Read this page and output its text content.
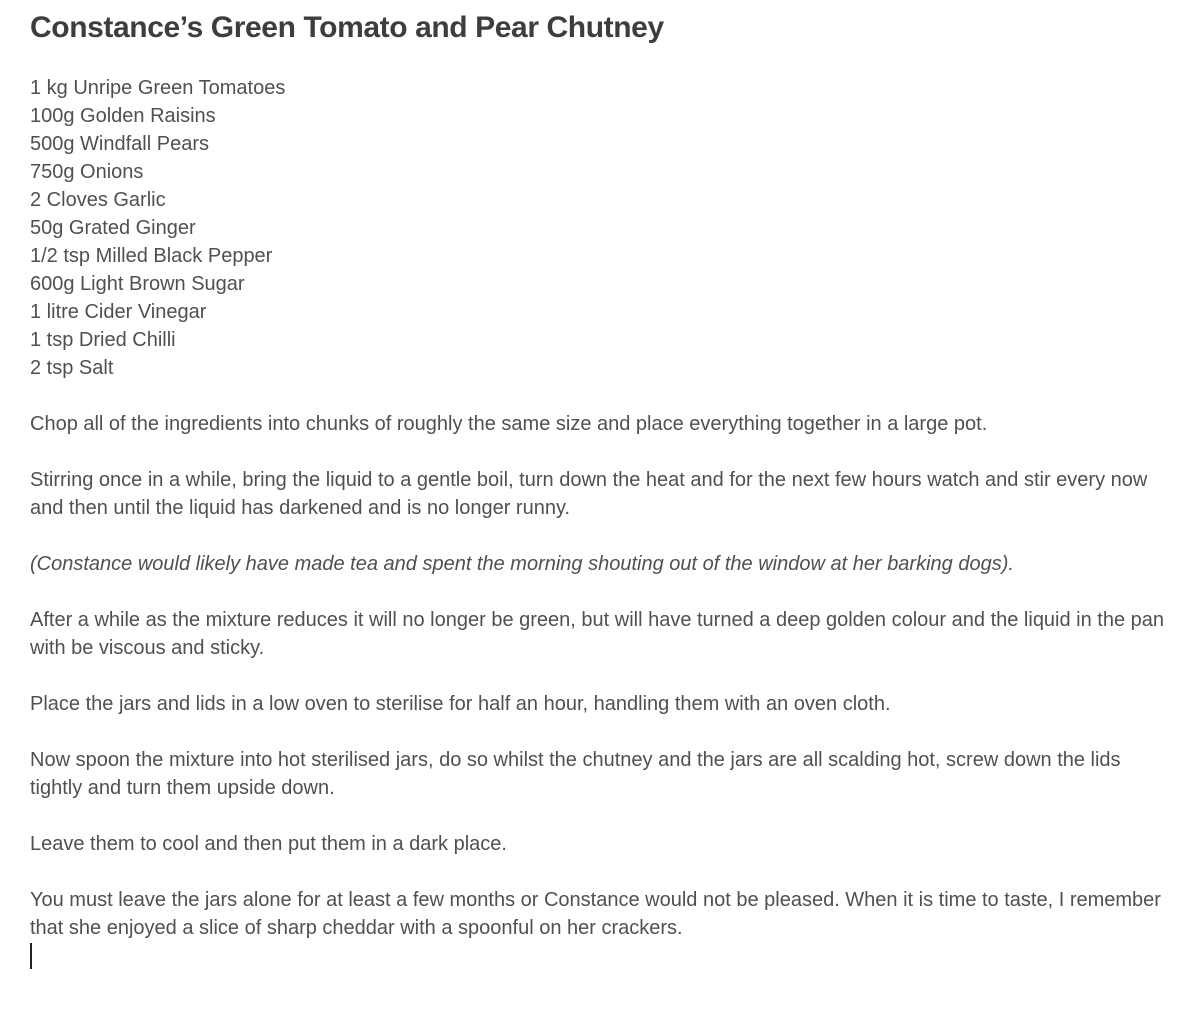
Constance’s Green Tomato and Pear Chutney
1 kg Unripe Green Tomatoes
100g Golden Raisins
500g Windfall Pears
750g Onions
2 Cloves Garlic
50g Grated Ginger
1/2 tsp Milled Black Pepper
600g Light Brown Sugar
1 litre Cider Vinegar
1 tsp Dried Chilli
2 tsp Salt

Chop all of the ingredients into chunks of roughly the same size and place everything together in a large pot.

Stirring once in a while, bring the liquid to a gentle boil, turn down the heat and for the next few hours watch and stir every now and then until the liquid has darkened and is no longer runny.

(Constance would likely have made tea and spent the morning shouting out of the window at her barking dogs).

After a while as the mixture reduces it will no longer be green, but will have turned a deep golden colour and the liquid in the pan with be viscous and sticky.

Place the jars and lids in a low oven to sterilise for half an hour, handling them with an oven cloth.

Now spoon the mixture into hot sterilised jars, do so whilst the chutney and the jars are all scalding hot, screw down the lids tightly and turn them upside down.

Leave them to cool and then put them in a dark place.

You must leave the jars alone for at least a few months or Constance would not be pleased. When it is time to taste, I remember that she enjoyed a slice of sharp cheddar with a spoonful on her crackers.
